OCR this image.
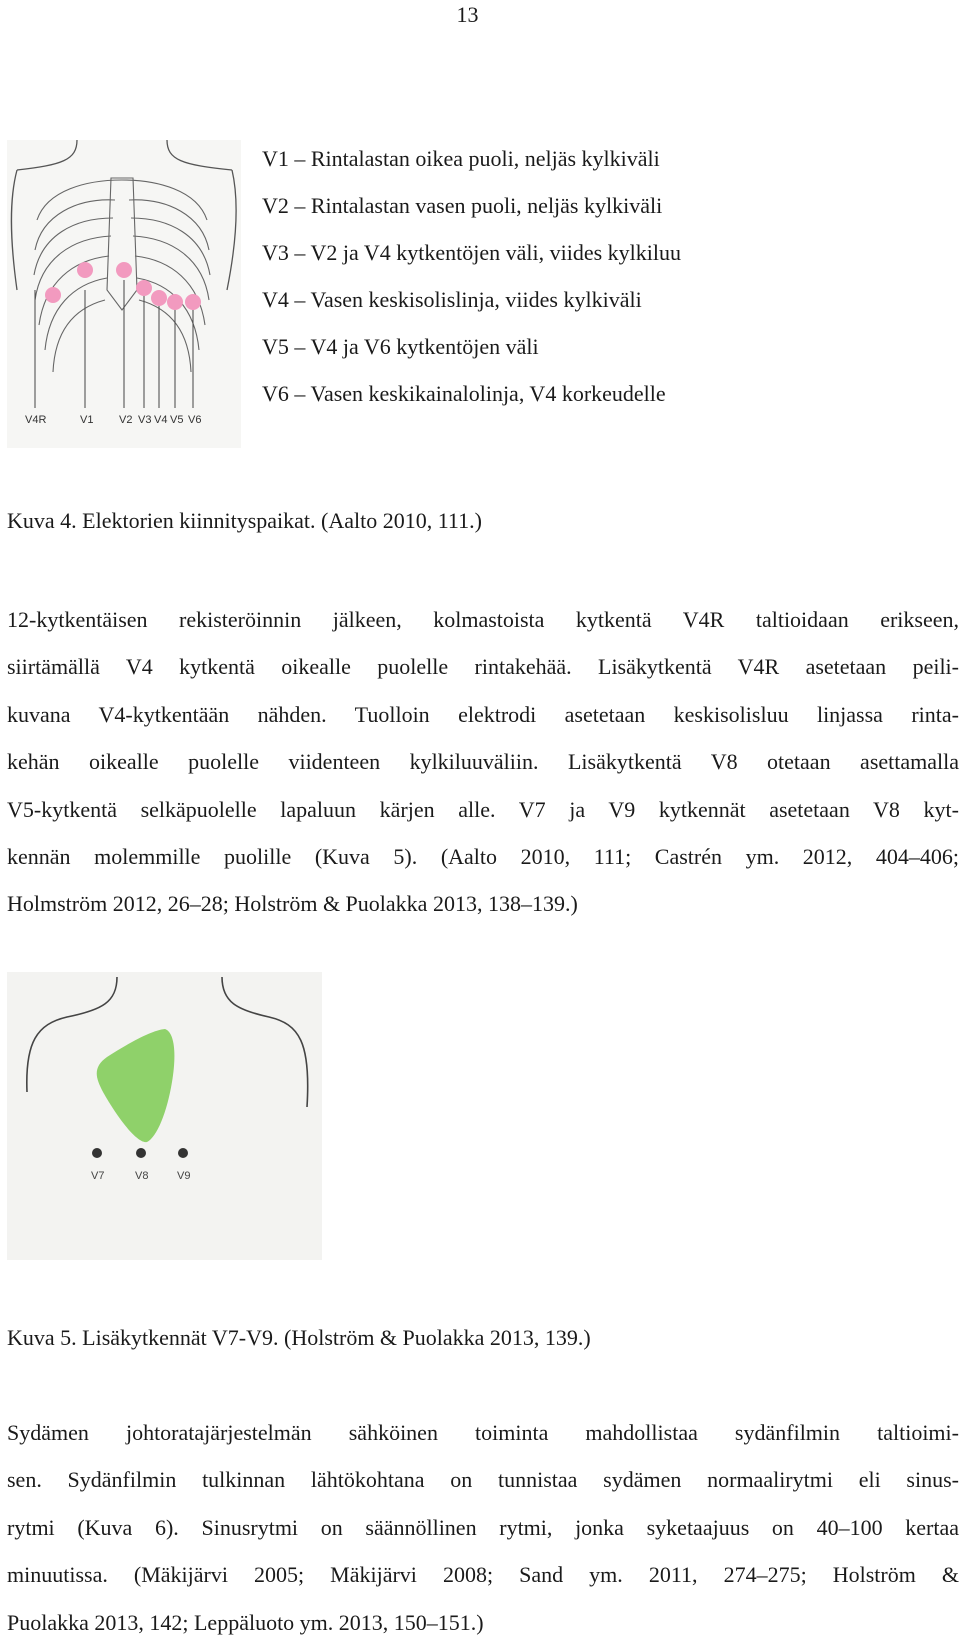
13
V4R	V1 V2 V3 V4 V5 V6
V1 – Rintalastan oikea puoli, neljäs kylkiväli
V2 – Rintalastan vasen puoli, neljäs kylkiväli
V3 – V2 ja V4 kytkentöjen väli, viides kylkiluu
V4 – Vasen keskisolislinja, viides kylkiväli
V5 – V4 ja V6 kytkentöjen väli
V6 – Vasen keskikainalolinja, V4 korkeudelle
Kuva 4. Elektorien kiinnityspaikat. (Aalto 2010, 111.)

12-kytkentäisen rekisteröinnin jälkeen, kolmastoista kytkentä V4R taltioidaan erikseen,
siirtämällä V4 kytkentä oikealle puolelle rintakehää. Lisäkytkentä V4R asetetaan peili-
kuvana V4-kytkentään nähden. Tuolloin elektrodi asetetaan keskisolisluu linjassa rinta-
kehän oikealle puolelle viidenteen kylkiluuväliin. Lisäkytkentä V8 otetaan asettamalla
V5-kytkentä selkäpuolelle lapaluun kärjen alle. V7 ja V9 kytkennät asetetaan V8 kyt-
kennän molemmille puolille (Kuva 5). (Aalto 2010, 111; Castrén ym. 2012, 404–406;
Holmström 2012, 26–28; Holström & Puolakka 2013, 138–139.)

V7	V8	V9
Kuva 5. Lisäkytkennät V7-V9. (Holström & Puolakka 2013, 139.)

Sydämen johtoratajärjestelmän sähköinen toiminta mahdollistaa sydänfilmin taltioimi-
sen. Sydänfilmin tulkinnan lähtökohtana on tunnistaa sydämen normaalirytmi eli sinus-
rytmi (Kuva 6). Sinusrytmi on säännöllinen rytmi, jonka syketaajuus on 40–100 kertaa
minuutissa. (Mäkijärvi 2005; Mäkijärvi 2008; Sand ym. 2011, 274–275; Holström &
Puolakka 2013, 142; Leppäluoto ym. 2013, 150–151.)
